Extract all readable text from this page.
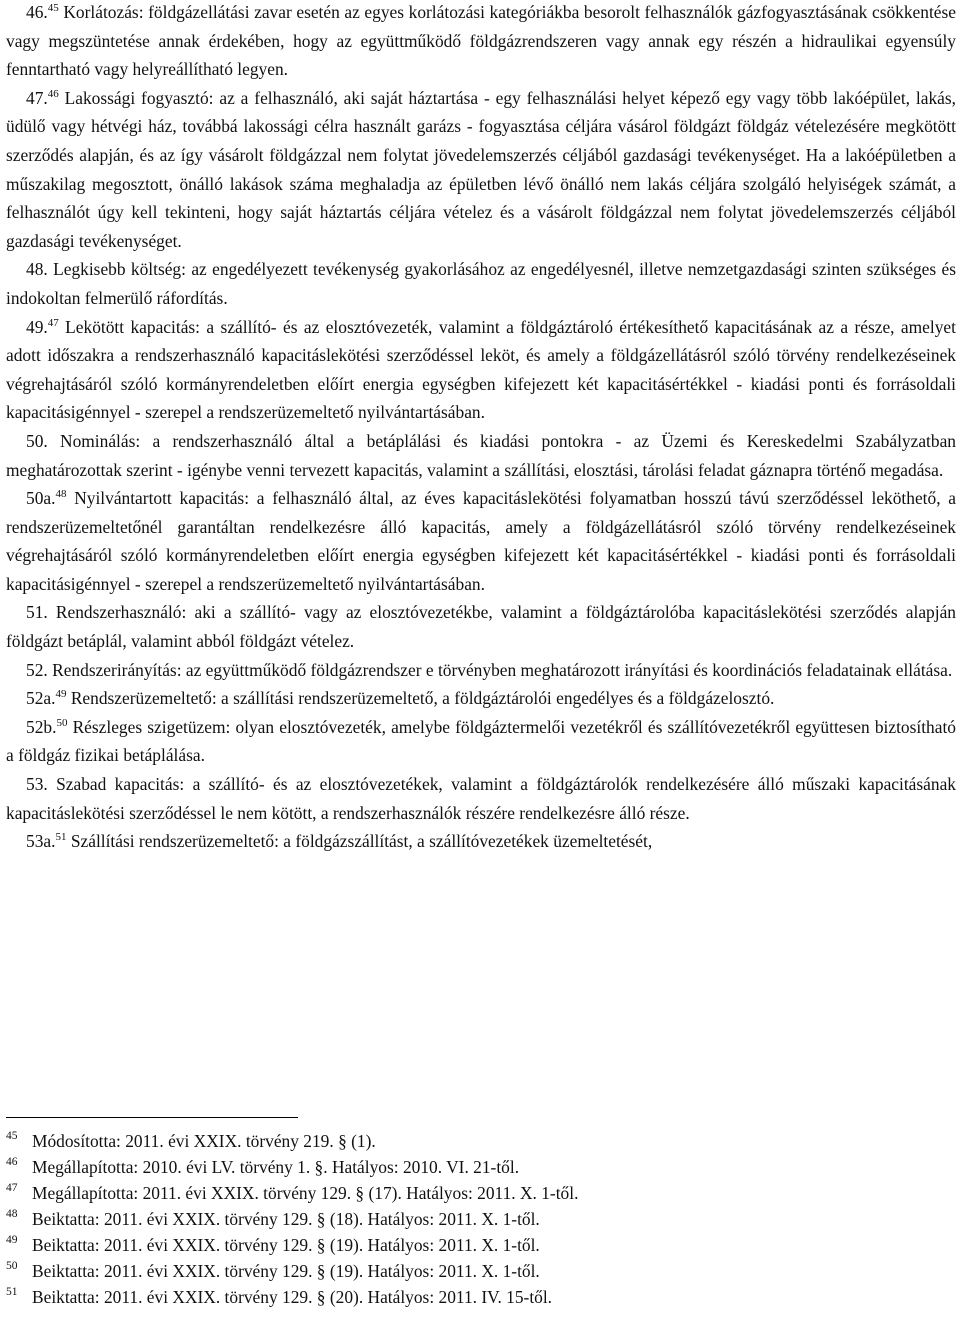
46.45 Korlátozás: földgázellátási zavar esetén az egyes korlátozási kategóriákba besorolt felhasználók gázfogyasztásának csökkentése vagy megszüntetése annak érdekében, hogy az együttműködő földgázrendszeren vagy annak egy részén a hidraulikai egyensúly fenntartható vagy helyreállítható legyen.

47.46 Lakossági fogyasztó: az a felhasználó, aki saját háztartása - egy felhasználási helyet képező egy vagy több lakóépület, lakás, üdülő vagy hétvégi ház, továbbá lakossági célra használt garázs - fogyasztása céljára vásárol földgázt földgáz vételezésére megkötött szerződés alapján, és az így vásárolt földgázzal nem folytat jövedelemszerzés céljából gazdasági tevékenységet. Ha a lakóépületben a műszakilag megosztott, önálló lakások száma meghaladja az épületben lévő önálló nem lakás céljára szolgáló helyiségek számát, a felhasználót úgy kell tekinteni, hogy saját háztartás céljára vételez és a vásárolt földgázzal nem folytat jövedelemszerzés céljából gazdasági tevékenységet.

48. Legkisebb költség: az engedélyezett tevékenység gyakorlásához az engedélyesnél, illetve nemzetgazdasági szinten szükséges és indokoltan felmerülő ráfordítás.

49.47 Lekötött kapacitás: a szállító- és az elosztóvezeték, valamint a földgáztároló értékesíthető kapacitásának az a része, amelyet adott időszakra a rendszerhasználó kapacitáslekötési szerződéssel leköt, és amely a földgázellátásról szóló törvény rendelkezéseinek végrehajtásáról szóló kormányrendeletben előírt energia egységben kifejezett két kapacitásértékkel - kiadási ponti és forrásoldali kapacitásigénnyel - szerepel a rendszerüzemeltető nyilvántartásában.

50. Nominálás: a rendszerhasználó által a betáplálási és kiadási pontokra - az Üzemi és Kereskedelmi Szabályzatban meghatározottak szerint - igénybe venni tervezett kapacitás, valamint a szállítási, elosztási, tárolási feladat gáznapra történő megadása.

50a.$^{48}$ Nyilvántartott kapacitás: a felhasználó által, az éves kapacitáslekötési folyamatban hosszú távú szerződéssel leköthető, a rendszerüzemeltetőnél garantáltan rendelkezésre álló kapacitás, amely a földgázellátásról szóló törvény rendelkezéseinek végrehajtásáról szóló kormányrendeletben előírt energia egységben kifejezett két kapacitásértékkel - kiadási ponti és forrásoldali kapacitásigénnyel - szerepel a rendszerüzemeltető nyilvántartásában.

51. Rendszerhasználó: aki a szállító- vagy az elosztóvezetékbe, valamint a földgáztárolóba kapacitáslekötési szerződés alapján földgázt betáplál, valamint abból földgázt vételez.

52. Rendszerirányítás: az együttműködő földgázrendszer e törvényben meghatározott irányítási és koordinációs feladatainak ellátása.

52a.$^{49}$ Rendszerüzemeltető: a szállítási rendszerüzemeltető, a földgáztárolói engedélyes és a földgázelosztó.

52b.$^{50}$ Részleges szigetüzem: olyan elosztóvezeték, amelybe földgáztermelői vezetékről és szállítóvezetékről együttesen biztosítható a földgáz fizikai betáplálása.

53. Szabad kapacitás: a szállító- és az elosztóvezetékek, valamint a földgáztárolók rendelkezésére álló műszaki kapacitásának kapacitáslekötési szerződéssel le nem kötött, a rendszerhasználók részére rendelkezésre álló része.

53a.$^{51}$ Szállítási rendszerüzemeltető: a földgázszállítást, a szállítóvezetékek üzemeltetését,

$^{45}$ Módosította: 2011. évi XXIX. törvény 219. § (1).
$^{46}$ Megállapította: 2010. évi LV. törvény 1. §. Hatályos: 2010. VI. 21-től.
$^{47}$ Megállapította: 2011. évi XXIX. törvény 129. § (17). Hatályos: 2011. X. 1-től.
$^{48}$ Beiktatta: 2011. évi XXIX. törvény 129. § (18). Hatályos: 2011. X. 1-től.
$^{49}$ Beiktatta: 2011. évi XXIX. törvény 129. § (19). Hatályos: 2011. X. 1-től.
$^{50}$ Beiktatta: 2011. évi XXIX. törvény 129. § (19). Hatályos: 2011. X. 1-től.
$^{51}$ Beiktatta: 2011. évi XXIX. törvény 129. § (20). Hatályos: 2011. IV. 15-től.
